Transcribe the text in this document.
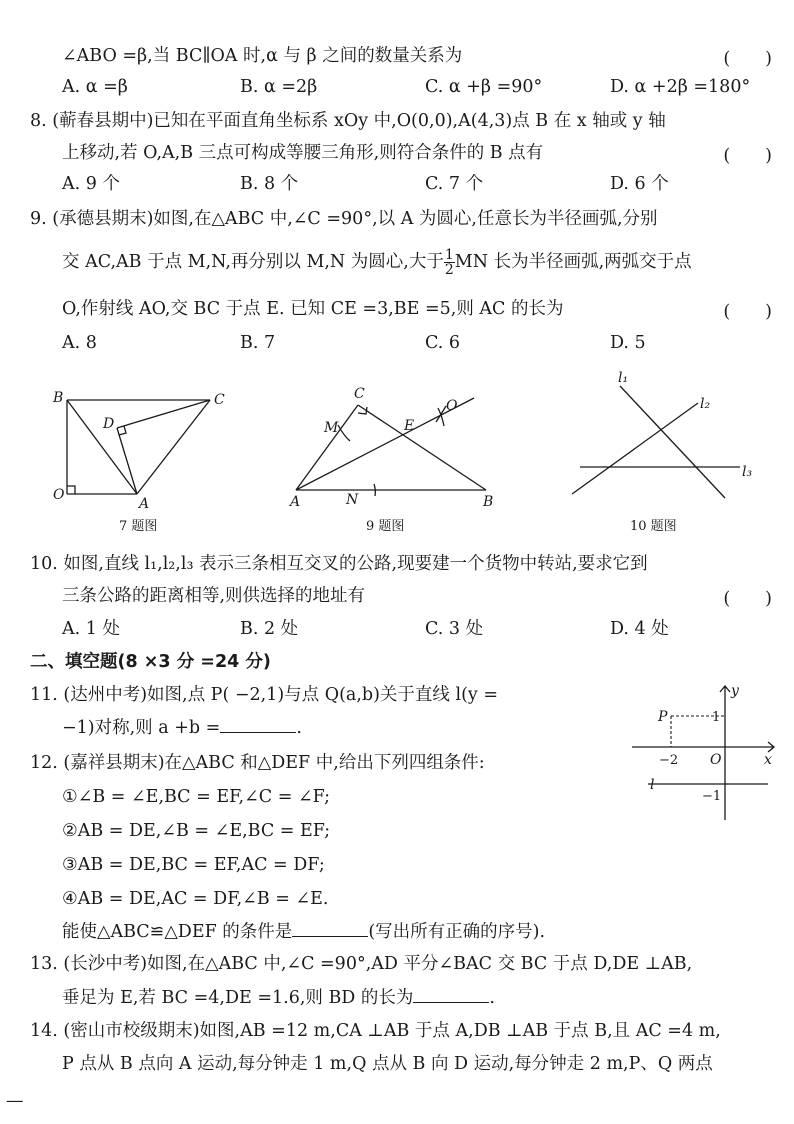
∠ABO =β,当 BC∥OA 时,α 与 β 之间的数量关系为	(　　)
A. α =β	B. α =2β	C. α +β =90°	D. α +2β =180°
8. (蕲春县期中)已知在平面直角坐标系 xOy 中,O(0,0),A(4,3)点 B 在 x 轴或 y 轴
上移动,若 O,A,B 三点可构成等腰三角形,则符合条件的 B 点有	(　　)
A. 9 个	B. 8 个	C. 7 个	D. 6 个
9. (承德县期末)如图,在△ABC 中,∠C =90°,以 A 为圆心,任意长为半径画弧,分别
交 AC,AB 于点 M,N,再分别以 M,N 为圆心,大于 $\frac{1}{2}$ MN 长为半径画弧,两弧交于点
O,作射线 AO,交 BC 于点 E. 已知 CE =3,BE =5,则 AC 的长为	(　　)
A. 8	B. 7	C. 6	D. 5
B	C
D
O
A
7 题图
C
M	E
O
A	N	B
9 题图
l₁
l₂
l₃
10 题图
10. 如图,直线 l₁,l₂,l₃ 表示三条相互交叉的公路,现要建一个货物中转站,要求它到
三条公路的距离相等,则供选择的地址有	(　　)
A. 1 处	B. 2 处	C. 3 处	D. 4 处
二、填空题(8 ×3 分 =24 分)
11. (达州中考)如图,点 P( −2,1)与点 Q(a,b)关于直线 l(y =
−1)对称,则 a +b =	.
y
P	1
−2 O	x
l
−1
12. (嘉祥县期末)在△ABC 和△DEF 中,给出下列四组条件:
①∠B = ∠E,BC = EF,∠C = ∠F;
②AB = DE,∠B = ∠E,BC = EF;
③AB = DE,BC = EF,AC = DF;
④AB = DE,AC = DF,∠B = ∠E.
能使△ABC≌△DEF 的条件是	(写出所有正确的序号).
13. (长沙中考)如图,在△ABC 中,∠C =90°,AD 平分∠BAC 交 BC 于点 D,DE ⊥AB,
垂足为 E,若 BC =4,DE =1.6,则 BD 的长为	.
14. (密山市校级期末)如图,AB =12 m,CA ⊥AB 于点 A,DB ⊥AB 于点 B,且 AC =4 m,
P 点从 B 点向 A 运动,每分钟走 1 m,Q 点从 B 向 D 运动,每分钟走 2 m,P、Q 两点
—
